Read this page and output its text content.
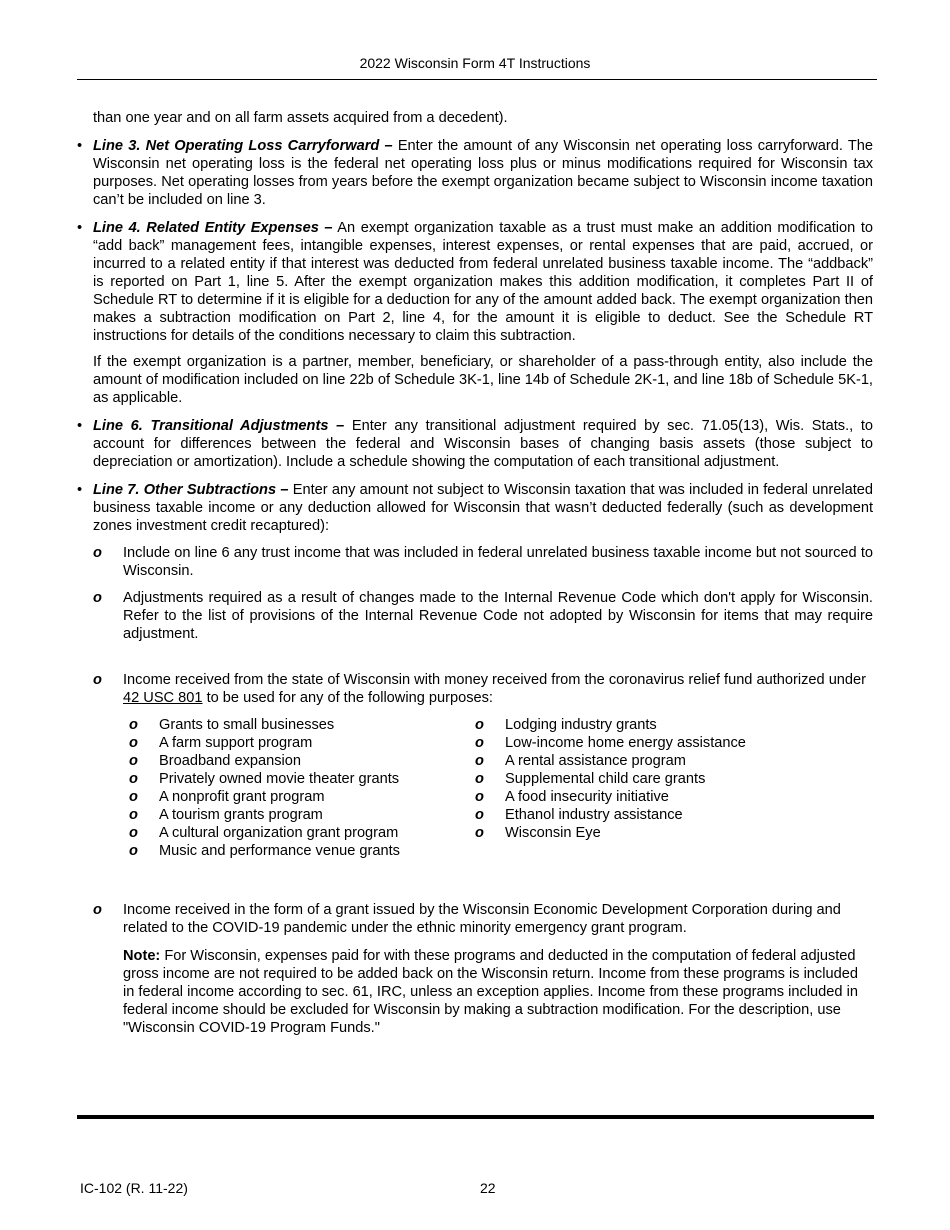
2022 Wisconsin Form 4T Instructions

than one year and on all farm assets acquired from a decedent).

• Line 3. Net Operating Loss Carryforward – Enter the amount of any Wisconsin net operating loss carryforward. The Wisconsin net operating loss is the federal net operating loss plus or minus modifications required for Wisconsin tax purposes. Net operating losses from years before the exempt organization became subject to Wisconsin income taxation can’t be included on line 3.
• Line 4. Related Entity Expenses – An exempt organization taxable as a trust must make an addition modification to “add back” management fees, intangible expenses, interest expenses, or rental expenses that are paid, accrued, or incurred to a related entity if that interest was deducted from federal unrelated business taxable income. The “addback” is reported on Part 1, line 5. After the exempt organization makes this addition modification, it completes Part II of Schedule RT to determine if it is eligible for a deduction for any of the amount added back. The exempt organization then makes a subtraction modification on Part 2, line 4, for the amount it is eligible to deduct. See the Schedule RT instructions for details of the conditions necessary to claim this subtraction.

If the exempt organization is a partner, member, beneficiary, or shareholder of a pass-through entity, also include the amount of modification included on line 22b of Schedule 3K-1, line 14b of Schedule 2K-1, and line 18b of Schedule 5K-1, as applicable.

• Line 6. Transitional Adjustments – Enter any transitional adjustment required by sec. 71.05(13), Wis. Stats., to account for differences between the federal and Wisconsin bases of changing basis assets (those subject to depreciation or amortization). Include a schedule showing the computation of each transitional adjustment.
• Line 7. Other Subtractions – Enter any amount not subject to Wisconsin taxation that was included in federal unrelated business taxable income or any deduction allowed for Wisconsin that wasn’t deducted federally (such as development zones investment credit recaptured):
o Include on line 6 any trust income that was included in federal unrelated business taxable income but not sourced to Wisconsin.
o Adjustments required as a result of changes made to the Internal Revenue Code which don't apply for Wisconsin. Refer to the list of provisions of the Internal Revenue Code not adopted by Wisconsin for items that may require adjustment.
o Income received from the state of Wisconsin with money received from the coronavirus relief fund authorized under 42 USC 801 to be used for any of the following purposes:
o Grants to small businesses
o A farm support program
o Broadband expansion
o Privately owned movie theater grants
o A nonprofit grant program
o A tourism grants program
o A cultural organization grant program
o Music and performance venue grants
o Lodging industry grants
o Low-income home energy assistance
o A rental assistance program
o Supplemental child care grants
o A food insecurity initiative
o Ethanol industry assistance
o Wisconsin Eye
o Income received in the form of a grant issued by the Wisconsin Economic Development Corporation during and related to the COVID-19 pandemic under the ethnic minority emergency grant program.

Note: For Wisconsin, expenses paid for with these programs and deducted in the computation of federal adjusted gross income are not required to be added back on the Wisconsin return. Income from these programs is included in federal income according to sec. 61, IRC, unless an exception applies. Income from these programs included in federal income should be excluded for Wisconsin by making a subtraction modification. For the description, use "Wisconsin COVID-19 Program Funds."

IC-102 (R. 11-22)	22
